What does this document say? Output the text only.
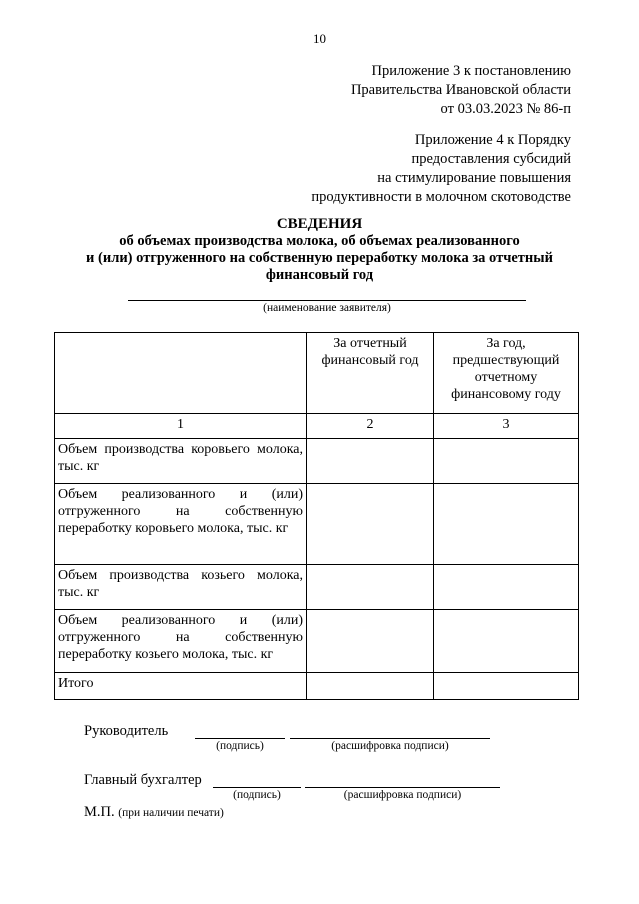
10
Приложение 3 к постановлению
Правительства Ивановской области
от 03.03.2023 № 86-п
Приложение 4 к Порядку
предоставления субсидий
на стимулирование повышения
продуктивности в молочном скотоводстве
СВЕДЕНИЯ
об объемах производства молока, об объемах реализованного
и (или) отгруженного на собственную переработку молока за отчетный
финансовый год
(наименование заявителя)
	За отчетный финансовый год	За год, предшествующий отчетному финансовому году
1	2	3
Объем производства коровьего молока, тыс. кг		
Объем реализованного и (или) отгруженного на собственную переработку коровьего молока, тыс. кг		
Объем производства козьего молока, тыс. кг		
Объем реализованного и (или) отгруженного на собственную переработку козьего молока, тыс. кг		
Итого		
Руководитель
(подпись)	(расшифровка подписи)
Главный бухгалтер
(подпись)	(расшифровка подписи)
М.П. (при наличии печати)
